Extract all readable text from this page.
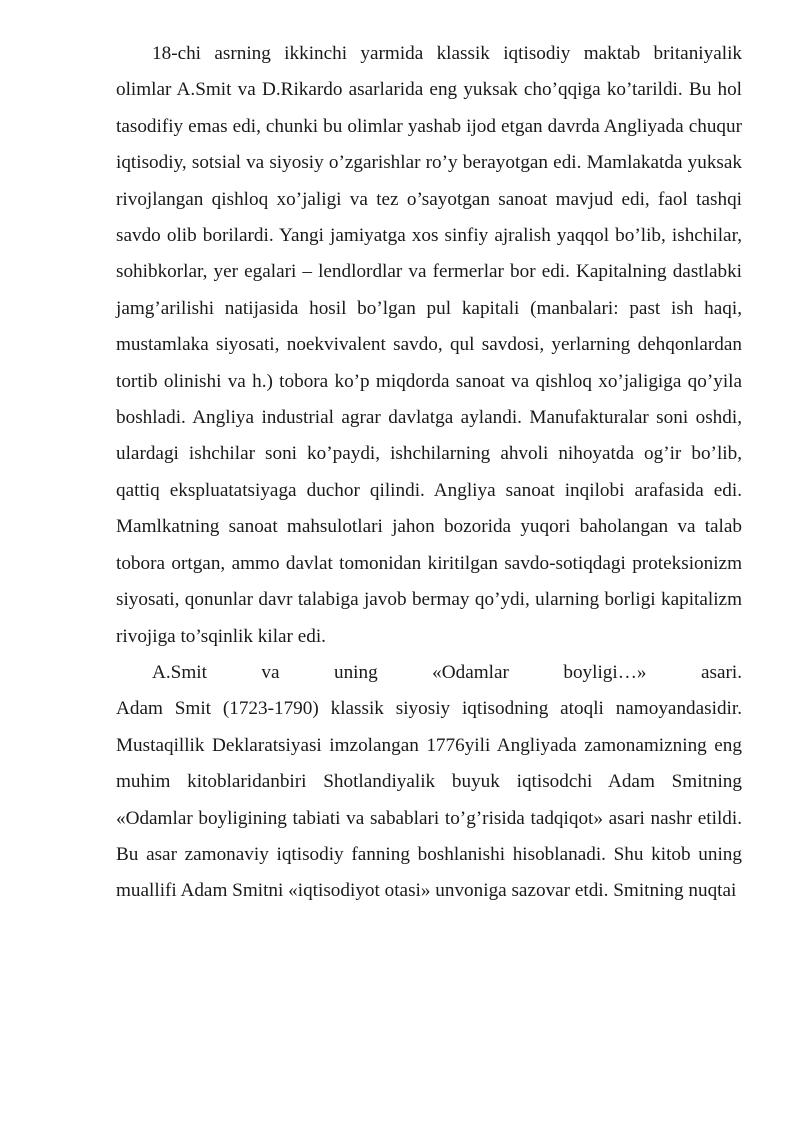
18-chi asrning ikkinchi yarmida klassik iqtisodiy maktab britaniyalik olimlar A.Smit va D.Rikardo asarlarida eng yuksak cho’qqiga ko’tarildi. Bu hol tasodifiy emas edi, chunki bu olimlar yashab ijod etgan davrda Angliyada chuqur iqtisodiy, sotsial va siyosiy o’zgarishlar ro’y berayotgan edi. Mamlakatda yuksak rivojlangan qishloq xo’jaligi va tez o’sayotgan sanoat mavjud edi, faol tashqi savdo olib borilardi. Yangi jamiyatga xos sinfiy ajralish yaqqol bo’lib, ishchilar, sohibkorlar, yer egalari – lendlordlar va fermerlar bor edi. Kapitalning dastlabki jamg’arilishi natijasida hosil bo’lgan pul kapitali (manbalari: past ish haqi, mustamlaka siyosati, noekvivalent savdo, qul savdosi, yerlarning dehqonlardan tortib olinishi va h.) tobora ko’p miqdorda sanoat va qishloq xo’jaligiga qo’yila boshladi. Angliya industrial agrar davlatga aylandi. Manufakturalar soni oshdi, ulardagi ishchilar soni ko’paydi, ishchilarning ahvoli nihoyatda og’ir bo’lib, qattiq ekspluatatsiyaga duchor qilindi. Angliya sanoat inqilobi arafasida edi. Mamlkatning sanoat mahsulotlari jahon bozorida yuqori baholangan va talab tobora ortgan, ammo davlat tomonidan kiritilgan savdo-sotiqdagi proteksionizm siyosati, qonunlar davr talabiga javob bermay qo’ydi, ularning borligi kapitalizm rivojiga to’sqinlik kilar edi.

A.Smit va uning «Odamlar boyligi…» asari.

Adam Smit (1723-1790) klassik siyosiy iqtisodning atoqli namoyandasidir. Mustaqillik Deklaratsiyasi imzolangan 1776yili Angliyada zamonamizning eng muhim kitoblaridanbiri Shotlandiyalik buyuk iqtisodchi Adam Smitning «Odamlar boyligining tabiati va sabablari to’g’risida tadqiqot» asari nashr etildi. Bu asar zamonaviy iqtisodiy fanning boshlanishi hisoblanadi. Shu kitob uning muallifi Adam Smitni «iqtisodiyot otasi» unvoniga sazovar etdi. Smitning nuqtai
